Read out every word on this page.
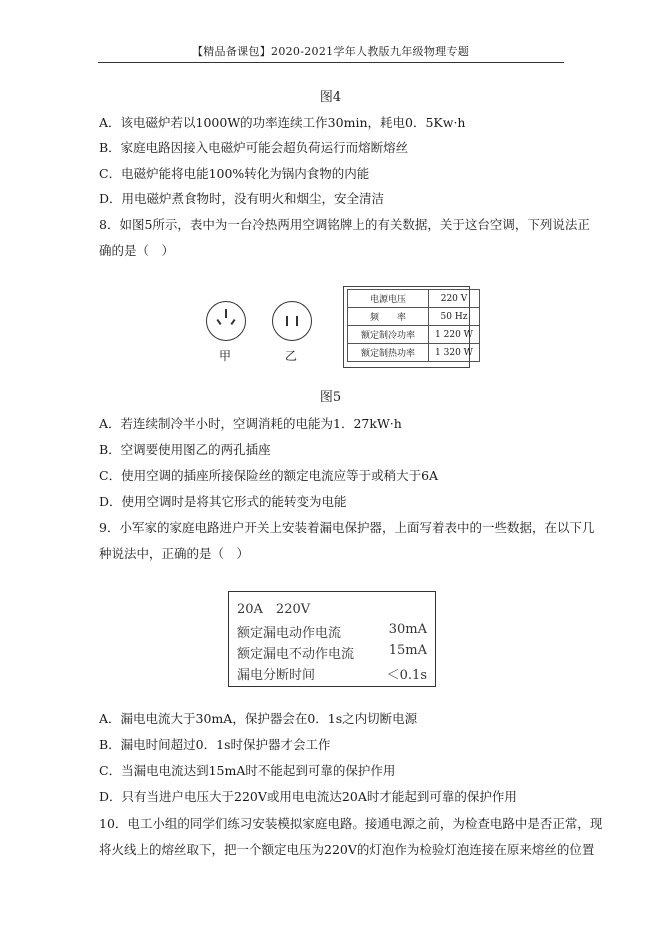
【精品备课包】2020-2021学年人教版九年级物理专题
图4
A．该电磁炉若以1000W的功率连续工作30min，耗电0．5Kw·h
B．家庭电路因接入电磁炉可能会超负荷运行而熔断熔丝
C．电磁炉能将电能100%转化为锅内食物的内能
D．用电磁炉煮食物时，没有明火和烟尘，安全清洁
8．如图5所示，表中为一台冷热两用空调铭牌上的有关数据，关于这台空调，下列说法正
确的是（　）
甲	乙
电源电压	220 V
频　　率	50 Hz
额定制冷功率	1 220 W
额定制热功率	1 320 W
图5
A．若连续制冷半小时，空调消耗的电能为1．27kW·h
B．空调要使用图乙的两孔插座
C．使用空调的插座所接保险丝的额定电流应等于或稍大于6A
D．使用空调时是将其它形式的能转变为电能
9．小军家的家庭电路进户开关上安装着漏电保护器，上面写着表中的一些数据，在以下几
种说法中，正确的是（　）
20A　220V
额定漏电动作电流	30mA
额定漏电不动作电流	15mA
漏电分断时间	＜0.1s
A．漏电电流大于30mA，保护器会在0．1s之内切断电源
B．漏电时间超过0．1s时保护器才会工作
C．当漏电电流达到15mA时不能起到可靠的保护作用
D．只有当进户电压大于220V或用电电流达20A时才能起到可靠的保护作用
10．电工小组的同学们练习安装模拟家庭电路。接通电源之前，为检查电路中是否正常，现
将火线上的熔丝取下，把一个额定电压为220V的灯泡作为检验灯泡连接在原来熔丝的位置
